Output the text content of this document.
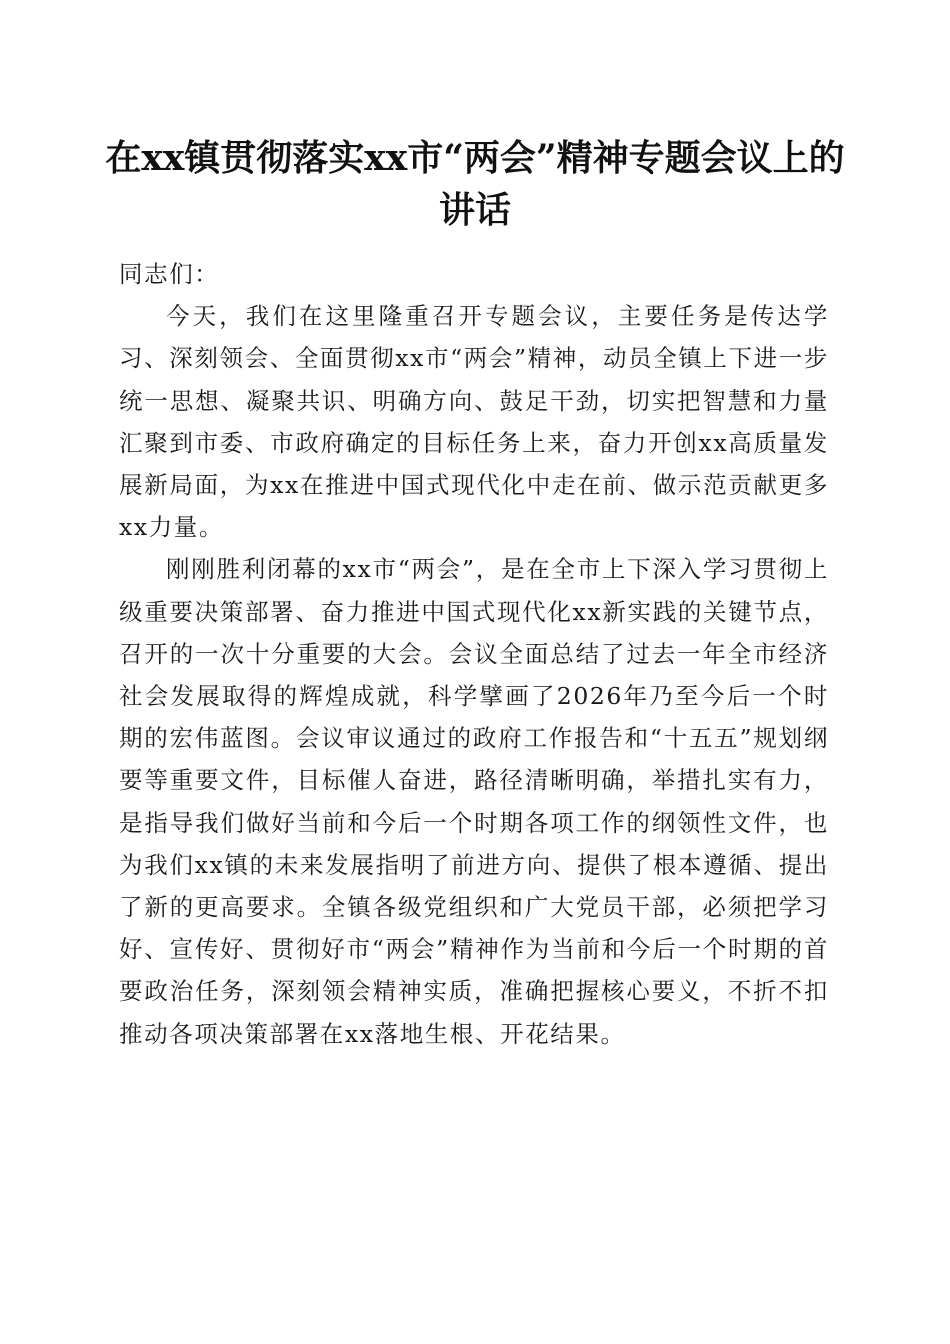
在xx镇贯彻落实xx市“两会”精神专题会议上的讲话

同志们：

今天，我们在这里隆重召开专题会议，主要任务是传达学习、深刻领会、全面贯彻xx市“两会”精神，动员全镇上下进一步统一思想、凝聚共识、明确方向、鼓足干劲，切实把智慧和力量汇聚到市委、市政府确定的目标任务上来，奋力开创xx高质量发展新局面，为xx在推进中国式现代化中走在前、做示范贡献更多xx力量。

刚刚胜利闭幕的xx市“两会”，是在全市上下深入学习贯彻上级重要决策部署、奋力推进中国式现代化xx新实践的关键节点，召开的一次十分重要的大会。会议全面总结了过去一年全市经济社会发展取得的辉煌成就，科学擘画了2026年乃至今后一个时期的宏伟蓝图。会议审议通过的政府工作报告和“十五五”规划纲要等重要文件，目标催人奋进，路径清晰明确，举措扎实有力，是指导我们做好当前和今后一个时期各项工作的纲领性文件，也为我们xx镇的未来发展指明了前进方向、提供了根本遵循、提出了新的更高要求。全镇各级党组织和广大党员干部，必须把学习好、宣传好、贯彻好市“两会”精神作为当前和今后一个时期的首要政治任务，深刻领会精神实质，准确把握核心要义，不折不扣推动各项决策部署在xx落地生根、开花结果。
